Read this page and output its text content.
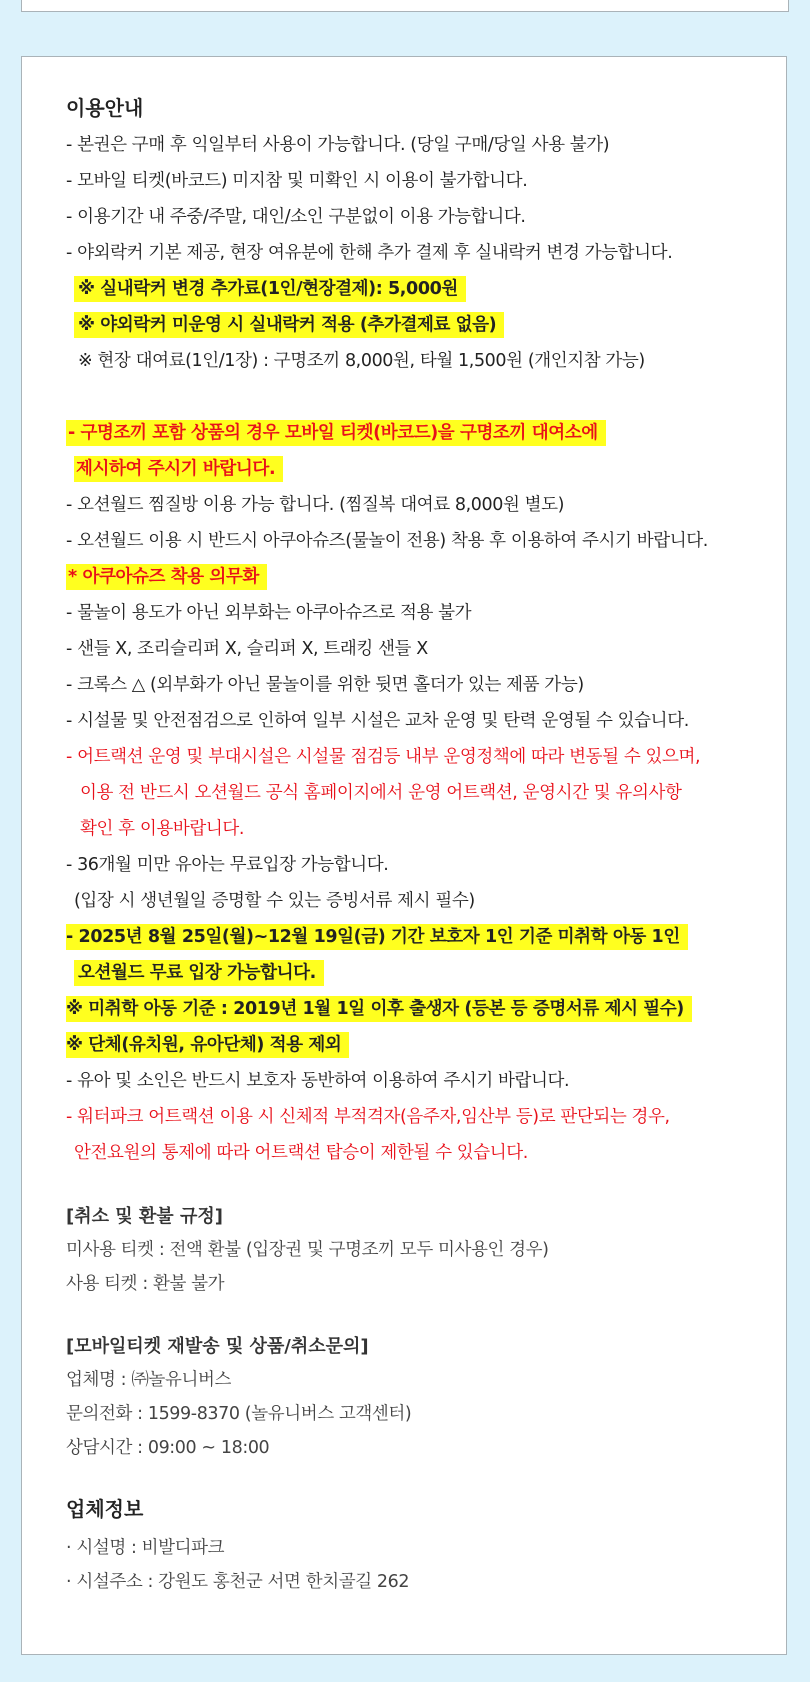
이용안내
- 본권은 구매 후 익일부터 사용이 가능합니다. (당일 구매/당일 사용 불가)
- 모바일 티켓(바코드) 미지참 및 미확인 시 이용이 불가합니다.
- 이용기간 내 주중/주말, 대인/소인 구분없이 이용 가능합니다.
- 야외락커 기본 제공, 현장 여유분에 한해 추가 결제 후 실내락커 변경 가능합니다.
※ 실내락커 변경 추가료(1인/현장결제): 5,000원
※ 야외락커 미운영 시 실내락커 적용 (추가결제료 없음)
※ 현장 대여료(1인/1장) : 구명조끼 8,000원, 타월 1,500원 (개인지참 가능)
- 구명조끼 포함 상품의 경우 모바일 티켓(바코드)을 구명조끼 대여소에
제시하여 주시기 바랍니다.
- 오션월드 찜질방 이용 가능 합니다. (찜질복 대여료 8,000원 별도)
- 오션월드 이용 시 반드시 아쿠아슈즈(물놀이 전용) 착용 후 이용하여 주시기 바랍니다.
* 아쿠아슈즈 착용 의무화
- 물놀이 용도가 아닌 외부화는 아쿠아슈즈로 적용 불가
- 샌들 X, 조리슬리퍼 X, 슬리퍼 X, 트래킹 샌들 X
- 크록스 △ (외부화가 아닌 물놀이를 위한 뒷면 홀더가 있는 제품 가능)
- 시설물 및 안전점검으로 인하여 일부 시설은 교차 운영 및 탄력 운영될 수 있습니다.
- 어트랙션 운영 및 부대시설은 시설물 점검등 내부 운영정책에 따라 변동될 수 있으며,
이용 전 반드시 오션월드 공식 홈페이지에서 운영 어트랙션, 운영시간 및 유의사항
확인 후 이용바랍니다.
- 36개월 미만 유아는 무료입장 가능합니다.
(입장 시 생년월일 증명할 수 있는 증빙서류 제시 필수)
- 2025년 8월 25일(월)~12월 19일(금) 기간 보호자 1인 기준 미취학 아동 1인
오션월드 무료 입장 가능합니다.
※ 미취학 아동 기준 : 2019년 1월 1일 이후 출생자 (등본 등 증명서류 제시 필수)
※ 단체(유치원, 유아단체) 적용 제외
- 유아 및 소인은 반드시 보호자 동반하여 이용하여 주시기 바랍니다.
- 워터파크 어트랙션 이용 시 신체적 부적격자(음주자,임산부 등)로 판단되는 경우,
안전요원의 통제에 따라 어트랙션 탑승이 제한될 수 있습니다.
[취소 및 환불 규정]
미사용 티켓 : 전액 환불 (입장권 및 구명조끼 모두 미사용인 경우)
사용 티켓 : 환불 불가
[모바일티켓 재발송 및 상품/취소문의]
업체명 : ㈜놀유니버스
문의전화 : 1599-8370 (놀유니버스 고객센터)
상담시간 : 09:00 ~ 18:00
업체정보
· 시설명 : 비발디파크
· 시설주소 : 강원도 홍천군 서면 한치골길 262
